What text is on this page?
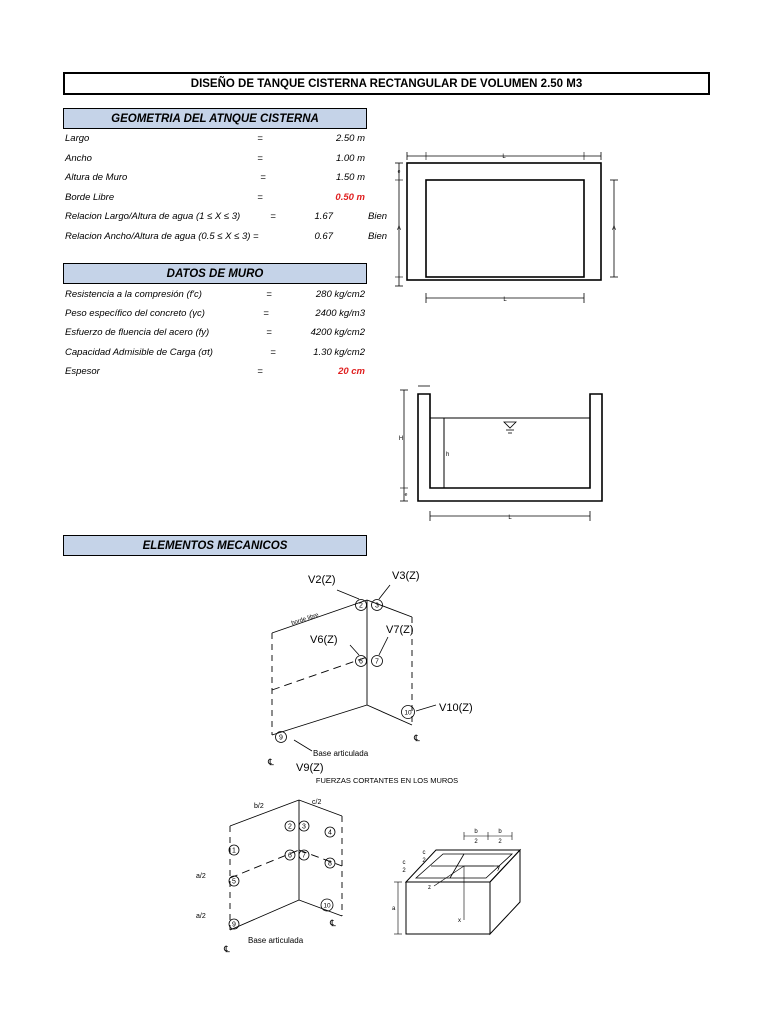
DISEÑO DE TANQUE CISTERNA RECTANGULAR DE VOLUMEN 2.50 M3
GEOMETRIA DEL ATNQUE CISTERNA
Largo	=	2.50 m
Ancho	=	1.00 m
Altura de Muro	=	1.50 m
Borde Libre	=	0.50 m
Relacion Largo/Altura de agua (1 ≤ X ≤ 3)	=	1.67	Bien
Relacion Ancho/Altura de agua (0.5 ≤ X ≤ 3) =	0.67	Bien
DATOS DE MURO
Resistencia a la compresión (f'c)	=	280 kg/cm2
Peso específico del concreto (γc)	=	2400 kg/m3
Esfuerzo de fluencia del acero (fy)	=	4200 kg/cm2
Capacidad Admisible de Carga (σt)	=	1.30 kg/cm2
Espesor	=	20 cm
ELEMENTOS MECANICOS
L
L
A
e
A
h
H
e
L
borde libre
2 3
6 7
9
10
V2(Z)	V3(Z)
V6(Z)
V7(Z)
V10(Z)
V9(Z)
Base articulada
℄
℄
FUERZAS CORTANTES EN LOS MUROS
b/2
c/2
a/2
a/2
1
2 3
4
5
6 7
8
9
10
Base articulada
℄
℄
y
z
x
b
2
b
2
c
2
c
2
a
